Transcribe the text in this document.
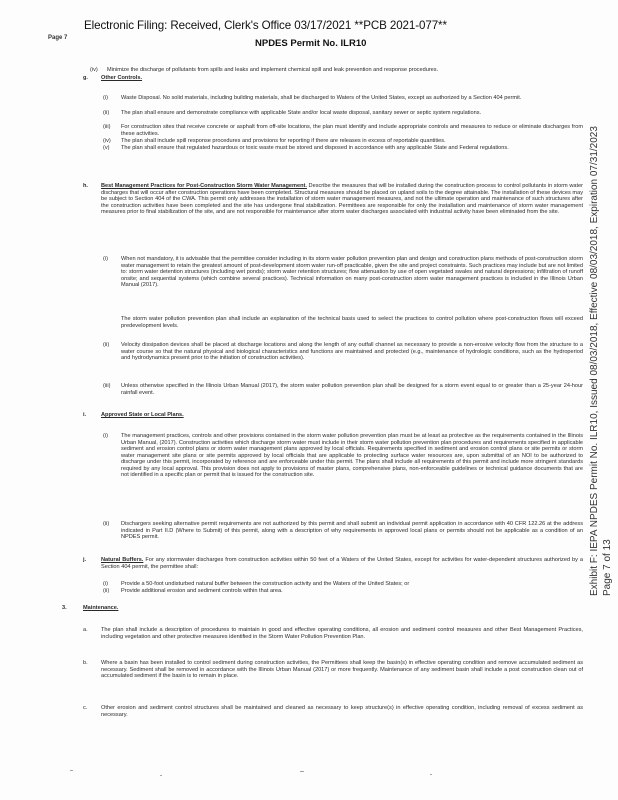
Electronic Filing: Received, Clerk's Office 03/17/2021 **PCB 2021-077**
Page 7	NPDES Permit No. ILR10
Exhibit F: IEPA NPDES Permit No. ILR10, Issued 08/03/2018, Effective 08/03/2018, Expiration 07/31/2023 Page 7 of 13
(iv) Minimize the discharge of pollutants from spills and leaks and implement chemical spill and leak prevention and response procedures.
g. Other Controls.
(i) Waste Disposal. No solid materials, including building materials, shall be discharged to Waters of the United States, except as authorized by a Section 404 permit.
(ii) The plan shall ensure and demonstrate compliance with applicable State and/or local waste disposal, sanitary sewer or septic system regulations.
(iii) For construction sites that receive concrete or asphalt from off-site locations, the plan must identify and include appropriate controls and measures to reduce or eliminate discharges from these activities.
(iv) The plan shall include spill response procedures and provisions for reporting if there are releases in excess of reportable quantities.
(v) The plan shall ensure that regulated hazardous or toxic waste must be stored and disposed in accordance with any applicable State and Federal regulations.
h. Best Management Practices for Post-Construction Storm Water Management. Describe the measures that will be installed during the construction process to control pollutants in storm water discharges that will occur after construction operations have been completed. Structural measures should be placed on upland soils to the degree attainable. The installation of these devices may be subject to Section 404 of the CWA. This permit only addresses the installation of storm water management measures, and not the ultimate operation and maintenance of such structures after the construction activities have been completed and the site has undergone final stabilization. Permittees are responsible for only the installation and maintenance of storm water management measures prior to final stabilization of the site, and are not responsible for maintenance after storm water discharges associated with industrial activity have been eliminated from the site.
(i) When not mandatory, it is advisable that the permittee consider including in its storm water pollution prevention plan and design and construction plans methods of post-construction storm water management to retain the greatest amount of post-development storm water run-off practicable, given the site and project constraints. Such practices may include but are not limited to: storm water detention structures (including wet ponds); storm water retention structures; flow attenuation by use of open vegetated swales and natural depressions; infiltration of runoff onsite; and sequential systems (which combine several practices). Technical information on many post-construction storm water management practices is included in the Illinois Urban Manual (2017).
The storm water pollution prevention plan shall include an explanation of the technical basis used to select the practices to control pollution where post-construction flows will exceed predevelopment levels.
(ii) Velocity dissipation devices shall be placed at discharge locations and along the length of any outfall channel as necessary to provide a non-erosive velocity flow from the structure to a water course so that the natural physical and biological characteristics and functions are maintained and protected (e.g., maintenance of hydrologic conditions, such as the hydroperiod and hydrodynamics present prior to the initiation of construction activities).
(iii) Unless otherwise specified in the Illinois Urban Manual (2017), the storm water pollution prevention plan shall be designed for a storm event equal to or greater than a 25-year 24-hour rainfall event.
i.	Approved State or Local Plans.
(i) The management practices, controls and other provisions contained in the storm water pollution prevention plan must be at least as protective as the requirements contained in the Illinois Urban Manual, (2017). Construction activities which discharge storm water must include in their storm water pollution prevention plan procedures and requirements specified in applicable sediment and erosion control plans or storm water management plans approved by local officials. Requirements specified in sediment and erosion control plans or site permits or storm water management site plans or site permits approved by local officials that are applicable to protecting surface water resources are, upon submittal of an NOI to be authorized to discharge under this permit, incorporated by reference and are enforceable under this permit. The plans shall include all requirements of this permit and include more stringent standards required by any local approval. This provision does not apply to provisions of master plans, comprehensive plans, non-enforceable guidelines or technical guidance documents that are not identified in a specific plan or permit that is issued for the construction site.
(ii) Dischargers seeking alternative permit requirements are not authorized by this permit and shall submit an individual permit application in accordance with 40 CFR 122.26 at the address indicated in Part II.D (Where to Submit) of this permit, along with a description of why requirements in approved local plans or permits should not be applicable as a condition of an NPDES permit.
j.	Natural Buffers. For any stormwater discharges from construction activities within 50 feet of a Waters of the United States, except for activities for water-dependent structures authorized by a Section 404 permit, the permittee shall:
(i) Provide a 50-foot undisturbed natural buffer between the construction activity and the Waters of the United States; or
(ii) Provide additional erosion and sediment controls within that area.
3.	Maintenance.
a. The plan shall include a description of procedures to maintain in good and effective operating conditions, all erosion and sediment control measures and other Best Management Practices, including vegetation and other protective measures identified in the Storm Water Pollution Prevention Plan.
b. Where a basin has been installed to control sediment during construction activities, the Permittees shall keep the basin(s) in effective operating condition and remove accumulated sediment as necessary. Sediment shall be removed in accordance with the Illinois Urban Manual (2017) or more frequently. Maintenance of any sediment basin shall include a post construction clean out of accumulated sediment if the basin is to remain in place.
c. Other erosion and sediment control structures shall be maintained and cleaned as necessary to keep structure(s) in effective operating condition, including removal of excess sediment as necessary.
